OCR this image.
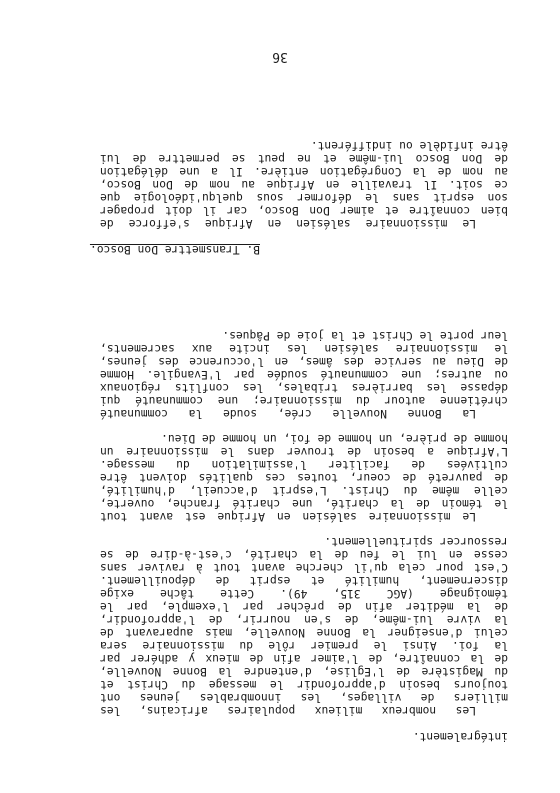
36
intégralement.
Les nombreux milieux populaires africains, les
milliers de villages, les innombrables jeunes ont
toujours besoin d'approfondir le message du Christ et
du Magistère de l'Eglise, d'entendre la Bonne Nouvelle,
de la connaître, de l'aimer afin de mieux y adhérer par
la foi. Ainsi le premier rôle du missionnaire sera
celui d'enseigner la Bonne Nouvelle, mais auparavant de
la vivre lui-même, de s'en nourrir, de l'approfondir,
de la méditer afin de prêcher par l'exemple, par le
témoignage (AGC 315, 49). Cette tâche exige
discernement, humilité et esprit de dépouillement.
C'est pour cela qu'il cherche avant tout à raviver sans
cesse en lui le feu de la charité, c'est-à-dire de se
ressourcer spirituellement.
Le missionnaire salésien en Afrique est avant tout
le témoin de la charité, une charité franche, ouverte,
celle même du Christ. L'esprit d'accueil, d'humilité,
de pauvreté de coeur, toutes ces qualités doivent être
cultivées de faciliter l'assimilation du message.
L'Afrique a besoin de trouver dans le missionnaire un
homme de prière, un homme de foi, un homme de Dieu.
La Bonne Nouvelle crée, soude la communauté
chrétienne autour du missionnaire; une communauté qui
dépasse les barrières tribales, les conflits régionaux
ou autres; une communauté soudée par l'Evangile. Homme
de Dieu au service des âmes, en l'occurence des jeunes,
le missionnaire salésien les incite aux sacrements,
leur porte le Christ et la joie de Pâques.
B. Transmettre Don Bosco.
Le missionnaire salésien en Afrique s'efforce de
bien connaître et aimer Don Bosco, car il doit propager
son esprit sans le déformer sous quelqu'idéologie que
ce soit. Il travaille en Afrique au nom de Don Bosco,
au nom de la Congrégation entière. Il a une délégation
de Don Bosco lui-même et ne peut se permettre de lui
être infidèle ou indifférent.
